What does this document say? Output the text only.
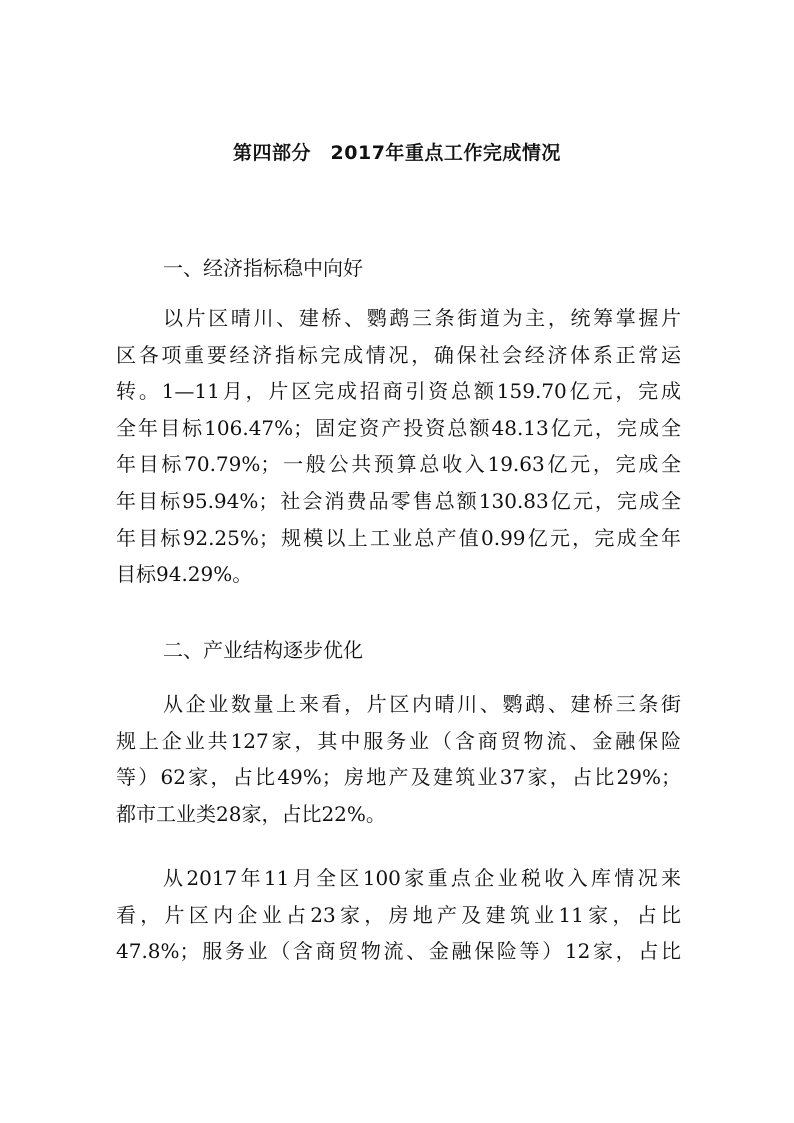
第四部分　2017年重点工作完成情况
一、经济指标稳中向好
以片区晴川、建桥、鹦鹉三条街道为主，统筹掌握片
区各项重要经济指标完成情况，确保社会经济体系正常运
转。1—11月，片区完成招商引资总额159.70亿元，完成
全年目标106.47%；固定资产投资总额48.13亿元，完成全
年目标70.79%；一般公共预算总收入19.63亿元，完成全
年目标95.94%；社会消费品零售总额130.83亿元，完成全
年目标92.25%；规模以上工业总产值0.99亿元，完成全年
目标94.29%。
二、产业结构逐步优化
从企业数量上来看，片区内晴川、鹦鹉、建桥三条街
规上企业共127家，其中服务业（含商贸物流、金融保险
等）62家，占比49%；房地产及建筑业37家，占比29%；
都市工业类28家，占比22%。
从2017年11月全区100家重点企业税收入库情况来
看，片区内企业占23家，房地产及建筑业11家，占比
47.8%；服务业（含商贸物流、金融保险等）12家，占比
